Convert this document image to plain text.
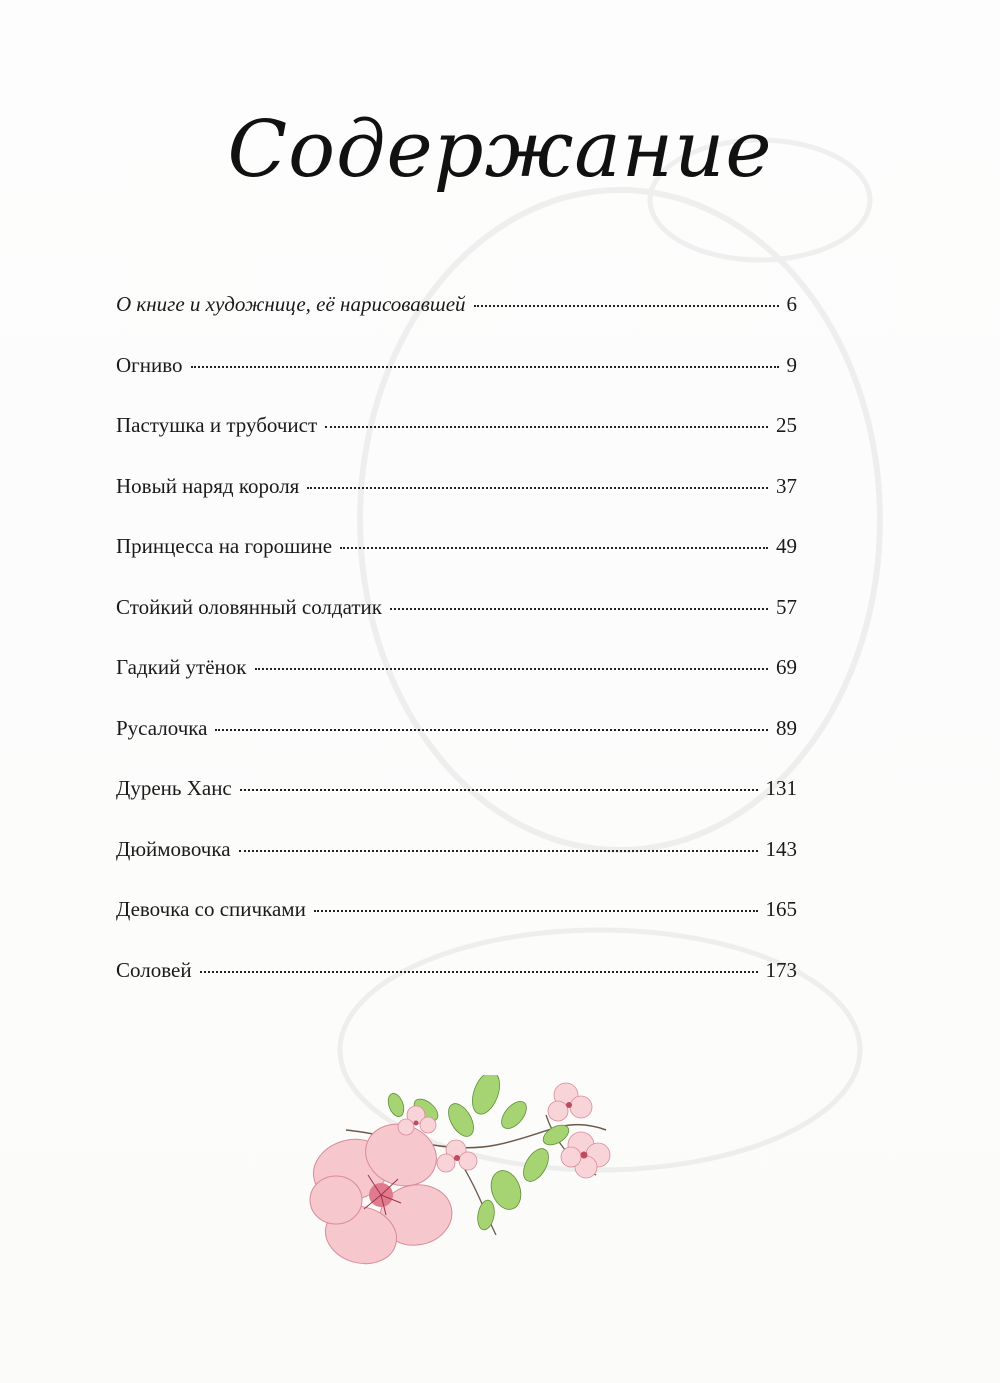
Содержание
О книге и художнице, её нарисовавшей	6
Огниво	9
Пастушка и трубочист	25
Новый наряд короля	37
Принцесса на горошине	49
Стойкий оловянный солдатик	57
Гадкий утёнок	69
Русалочка	89
Дурень Ханс	131
Дюймовочка	143
Девочка со спичками	165
Соловей	173
